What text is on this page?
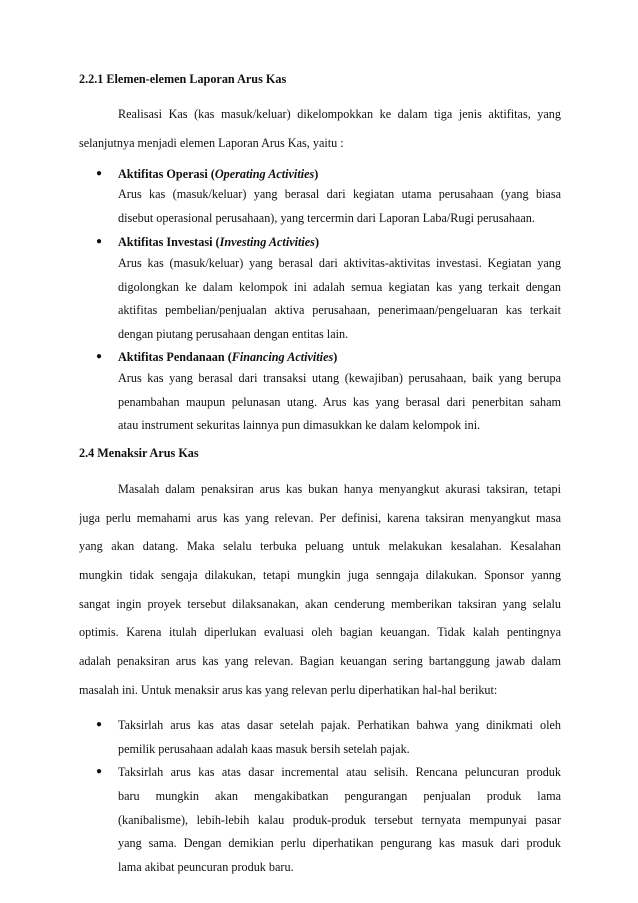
2.2.1 Elemen-elemen Laporan Arus Kas
Realisasi Kas (kas masuk/keluar) dikelompokkan ke dalam tiga jenis aktifitas, yang
selanjutnya menjadi elemen Laporan Arus Kas, yaitu :
● Aktifitas Operasi (Operating Activities)
Arus kas (masuk/keluar) yang berasal dari kegiatan utama perusahaan (yang biasa
disebut operasional perusahaan), yang tercermin dari Laporan Laba/Rugi perusahaan.
● Aktifitas Investasi (Investing Activities)
Arus kas (masuk/keluar) yang berasal dari aktivitas-aktivitas investasi. Kegiatan yang
digolongkan ke dalam kelompok ini adalah semua kegiatan kas yang terkait dengan
aktifitas pembelian/penjualan aktiva perusahaan, penerimaan/pengeluaran kas terkait
dengan piutang perusahaan dengan entitas lain.
● Aktifitas Pendanaan (Financing Activities)
Arus kas yang berasal dari transaksi utang (kewajiban) perusahaan, baik yang berupa
penambahan maupun pelunasan utang. Arus kas yang berasal dari penerbitan saham
atau instrument sekuritas lainnya pun dimasukkan ke dalam kelompok ini.
2.4 Menaksir Arus Kas
Masalah dalam penaksiran arus kas bukan hanya menyangkut akurasi taksiran, tetapi
juga perlu memahami arus kas yang relevan. Per definisi, karena taksiran menyangkut masa
yang akan datang. Maka selalu terbuka peluang untuk melakukan kesalahan. Kesalahan
mungkin tidak sengaja dilakukan, tetapi mungkin juga senngaja dilakukan. Sponsor yanng
sangat ingin proyek tersebut dilaksanakan, akan cenderung memberikan taksiran yang selalu
optimis. Karena itulah diperlukan evaluasi oleh bagian keuangan. Tidak kalah pentingnya
adalah penaksiran arus kas yang relevan. Bagian keuangan sering bartanggung jawab dalam
masalah ini. Untuk menaksir arus kas yang relevan perlu diperhatikan hal-hal berikut:
● Taksirlah arus kas atas dasar setelah pajak. Perhatikan bahwa yang dinikmati oleh
pemilik perusahaan adalah kaas masuk bersih setelah pajak.
● Taksirlah arus kas atas dasar incremental atau selisih. Rencana peluncuran produk
baru mungkin akan mengakibatkan pengurangan penjualan produk lama
(kanibalisme), lebih-lebih kalau produk-produk tersebut ternyata mempunyai pasar
yang sama. Dengan demikian perlu diperhatikan pengurang kas masuk dari produk
lama akibat peuncuran produk baru.
